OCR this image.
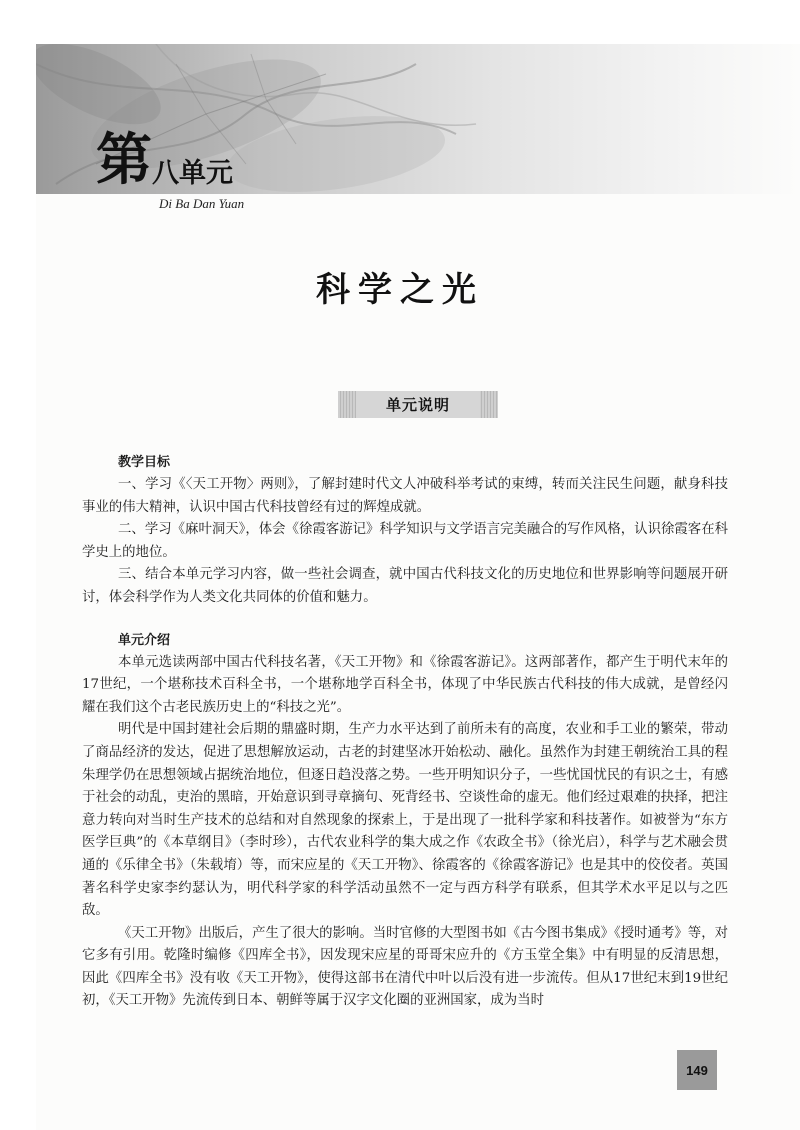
第 八单元
Di Ba Dan Yuan
科学之光
单元说明
教学目标

一、学习《〈天工开物〉两则》，了解封建时代文人冲破科举考试的束缚，转而关注民生问题，献身科技事业的伟大精神，认识中国古代科技曾经有过的辉煌成就。

二、学习《麻叶洞天》，体会《徐霞客游记》科学知识与文学语言完美融合的写作风格，认识徐霞客在科学史上的地位。

三、结合本单元学习内容，做一些社会调查，就中国古代科技文化的历史地位和世界影响等问题展开研讨，体会科学作为人类文化共同体的价值和魅力。

单元介绍

本单元选读两部中国古代科技名著，《天工开物》和《徐霞客游记》。这两部著作，都产生于明代末年的17世纪，一个堪称技术百科全书，一个堪称地学百科全书，体现了中华民族古代科技的伟大成就，是曾经闪耀在我们这个古老民族历史上的“科技之光”。

明代是中国封建社会后期的鼎盛时期，生产力水平达到了前所未有的高度，农业和手工业的繁荣，带动了商品经济的发达，促进了思想解放运动，古老的封建坚冰开始松动、融化。虽然作为封建王朝统治工具的程朱理学仍在思想领域占据统治地位，但逐日趋没落之势。一些开明知识分子，一些忧国忧民的有识之士，有感于社会的动乱，吏治的黑暗，开始意识到寻章摘句、死背经书、空谈性命的虚无。他们经过艰难的抉择，把注意力转向对当时生产技术的总结和对自然现象的探索上，于是出现了一批科学家和科技著作。如被誉为“东方医学巨典”的《本草纲目》（李时珍），古代农业科学的集大成之作《农政全书》（徐光启），科学与艺术融会贯通的《乐律全书》（朱载堉）等，而宋应星的《天工开物》、徐霞客的《徐霞客游记》也是其中的佼佼者。英国著名科学史家李约瑟认为，明代科学家的科学活动虽然不一定与西方科学有联系，但其学术水平足以与之匹敌。

《天工开物》出版后，产生了很大的影响。当时官修的大型图书如《古今图书集成》《授时通考》等，对它多有引用。乾隆时编修《四库全书》，因发现宋应星的哥哥宋应升的《方玉堂全集》中有明显的反清思想，因此《四库全书》没有收《天工开物》，使得这部书在清代中叶以后没有进一步流传。但从17世纪末到19世纪初，《天工开物》先流传到日本、朝鲜等属于汉字文化圈的亚洲国家，成为当时

149
